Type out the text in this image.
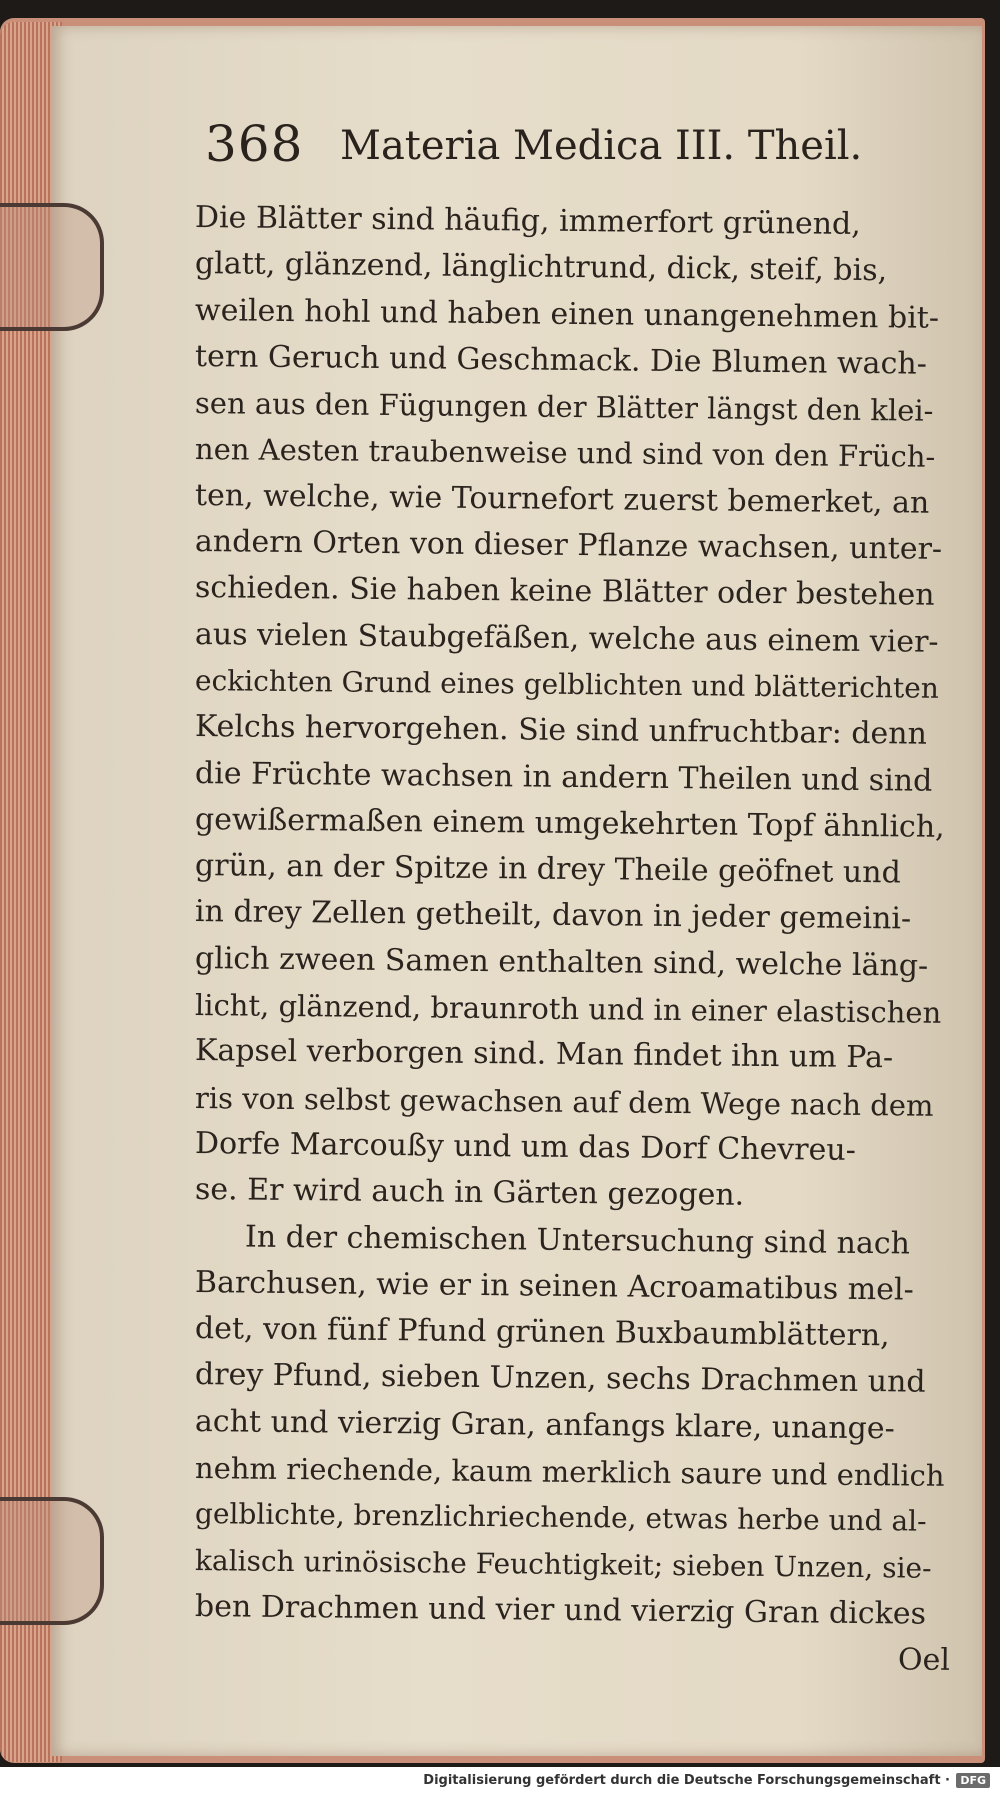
368 Materia Medica III. Theil.
Die Blätter sind häufig, immerfort grünend,
glatt, glänzend, länglichtrund, dick, steif, bis,
weilen hohl und haben einen unangenehmen bit-
tern Geruch und Geschmack. Die Blumen wach-
sen aus den Fügungen der Blätter längst den klei-
nen Aesten traubenweise und sind von den Früch-
ten, welche, wie Tournefort zuerst bemerket, an
andern Orten von dieser Pflanze wachsen, unter-
schieden. Sie haben keine Blätter oder bestehen
aus vielen Staubgefäßen, welche aus einem vier-
eckichten Grund eines gelblichten und blätterichten
Kelchs hervorgehen. Sie sind unfruchtbar: denn
die Früchte wachsen in andern Theilen und sind
gewißermaßen einem umgekehrten Topf ähnlich,
grün, an der Spitze in drey Theile geöfnet und
in drey Zellen getheilt, davon in jeder gemeini-
glich zween Samen enthalten sind, welche läng-
licht, glänzend, braunroth und in einer elastischen
Kapsel verborgen sind. Man findet ihn um Pa-
ris von selbst gewachsen auf dem Wege nach dem
Dorfe Marcoußy und um das Dorf Chevreu-
se. Er wird auch in Gärten gezogen.
In der chemischen Untersuchung sind nach
Barchusen, wie er in seinen Acroamatibus mel-
det, von fünf Pfund grünen Buxbaumblättern,
drey Pfund, sieben Unzen, sechs Drachmen und
acht und vierzig Gran, anfangs klare, unange-
nehm riechende, kaum merklich saure und endlich
gelblichte, brenzlichriechende, etwas herbe und al-
kalisch urinösische Feuchtigkeit; sieben Unzen, sie-
ben Drachmen und vier und vierzig Gran dickes
Oel
Digitalisierung gefördert durch die Deutsche Forschungsgemeinschaft · DFG
